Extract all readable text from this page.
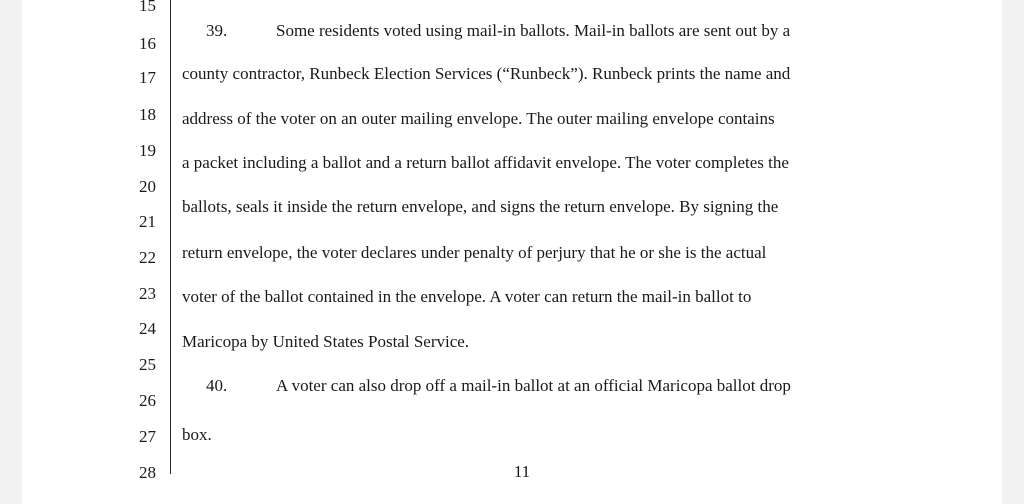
15
16
17
18
19
20
21
22
23
24
25
26
27
28
39.	Some residents voted using mail-in ballots. Mail-in ballots are sent out by a
county contractor, Runbeck Election Services (“Runbeck”). Runbeck prints the name and
address of the voter on an outer mailing envelope. The outer mailing envelope contains
a packet including a ballot and a return ballot affidavit envelope. The voter completes the
ballots, seals it inside the return envelope, and signs the return envelope. By signing the
return envelope, the voter declares under penalty of perjury that he or she is the actual
voter of the ballot contained in the envelope. A voter can return the mail-in ballot to
Maricopa by United States Postal Service.
40.	A voter can also drop off a mail-in ballot at an official Maricopa ballot drop
box.
11
